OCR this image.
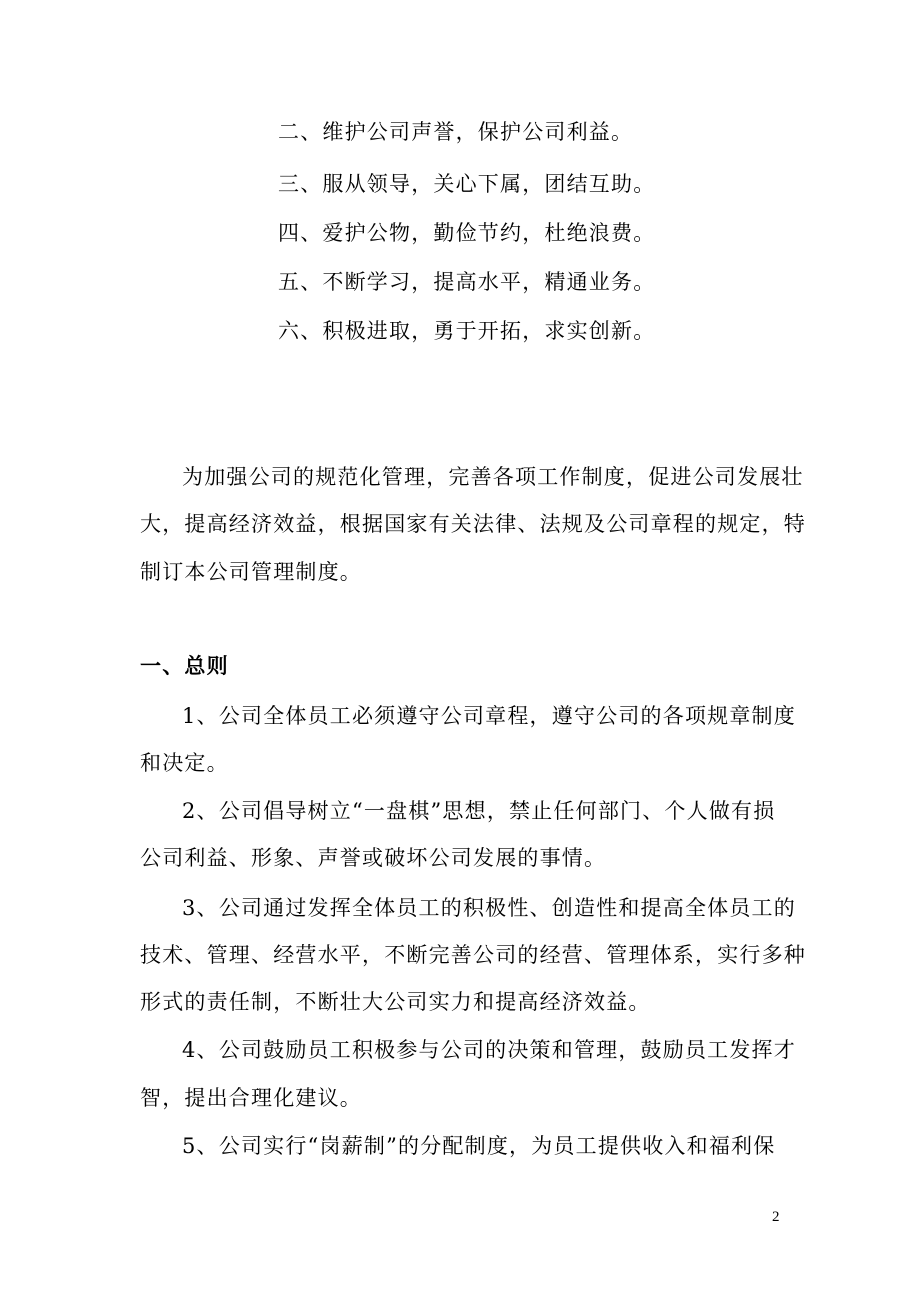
二、维护公司声誉，保护公司利益。
三、服从领导，关心下属，团结互助。
四、爱护公物，勤俭节约，杜绝浪费。
五、不断学习，提高水平，精通业务。
六、积极进取，勇于开拓，求实创新。
为加强公司的规范化管理，完善各项工作制度，促进公司发展壮
大，提高经济效益，根据国家有关法律、法规及公司章程的规定，特
制订本公司管理制度。
一、总则
1、公司全体员工必须遵守公司章程，遵守公司的各项规章制度
和决定。
2、公司倡导树立“一盘棋”思想，禁止任何部门、个人做有损
公司利益、形象、声誉或破坏公司发展的事情。
3、公司通过发挥全体员工的积极性、创造性和提高全体员工的
技术、管理、经营水平，不断完善公司的经营、管理体系，实行多种
形式的责任制，不断壮大公司实力和提高经济效益。
4、公司鼓励员工积极参与公司的决策和管理，鼓励员工发挥才
智，提出合理化建议。
5、公司实行“岗薪制”的分配制度，为员工提供收入和福利保
2
